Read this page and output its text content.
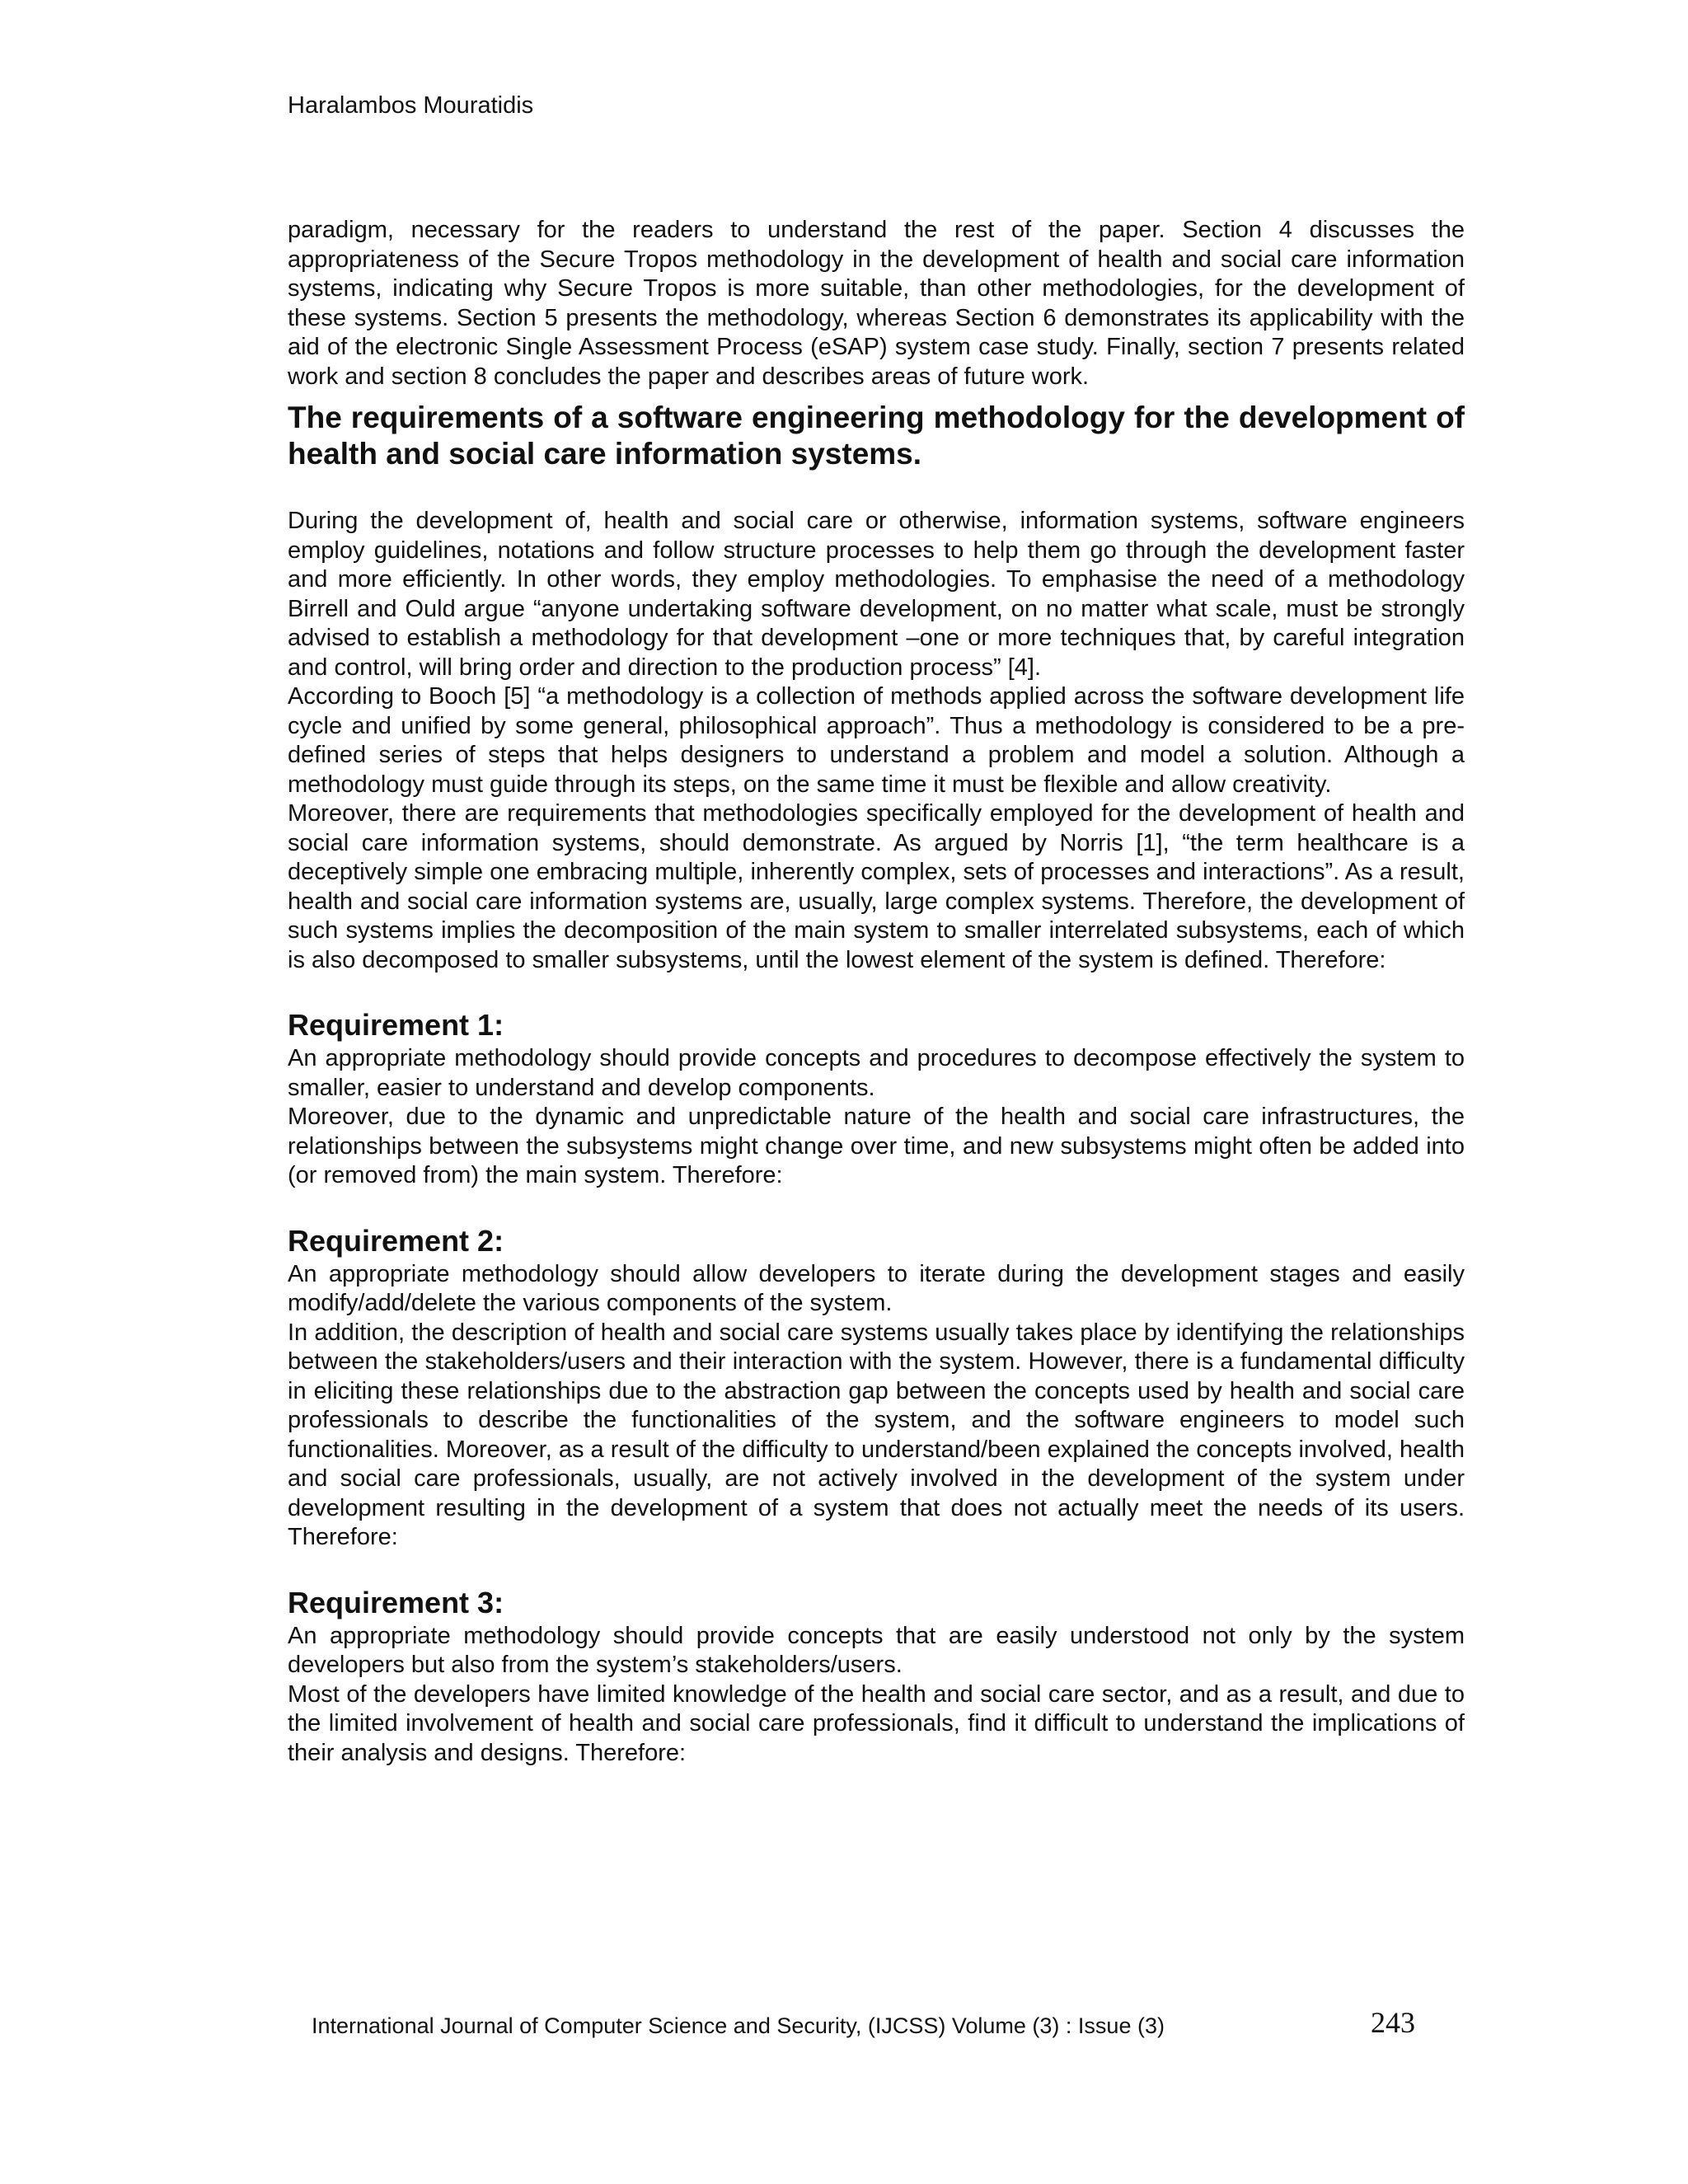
Haralambos Mouratidis

paradigm, necessary for the readers to understand the rest of the paper. Section 4 discusses the appropriateness of the Secure Tropos methodology in the development of health and social care information systems, indicating why Secure Tropos is more suitable, than other methodologies, for the development of these systems. Section 5 presents the methodology, whereas Section 6 demonstrates its applicability with the aid of the electronic Single Assessment Process (eSAP) system case study. Finally, section 7 presents related work and section 8 concludes the paper and describes areas of future work.

The requirements of a software engineering methodology for the development of health and social care information systems.

During the development of, health and social care or otherwise, information systems, software engineers employ guidelines, notations and follow structure processes to help them go through the development faster and more efficiently. In other words, they employ methodologies. To emphasise the need of a methodology Birrell and Ould argue “anyone undertaking software development, on no matter what scale, must be strongly advised to establish a methodology for that development –one or more techniques that, by careful integration and control, will bring order and direction to the production process” [4].

According to Booch [5] “a methodology is a collection of methods applied across the software development life cycle and unified by some general, philosophical approach”. Thus a methodology is considered to be a pre-defined series of steps that helps designers to understand a problem and model a solution. Although a methodology must guide through its steps, on the same time it must be flexible and allow creativity.

Moreover, there are requirements that methodologies specifically employed for the development of health and social care information systems, should demonstrate. As argued by Norris [1], “the term healthcare is a deceptively simple one embracing multiple, inherently complex, sets of processes and interactions”. As a result, health and social care information systems are, usually, large complex systems. Therefore, the development of such systems implies the decomposition of the main system to smaller interrelated subsystems, each of which is also decomposed to smaller subsystems, until the lowest element of the system is defined. Therefore:

Requirement 1:

An appropriate methodology should provide concepts and procedures to decompose effectively the system to smaller, easier to understand and develop components.

Moreover, due to the dynamic and unpredictable nature of the health and social care infrastructures, the relationships between the subsystems might change over time, and new subsystems might often be added into (or removed from) the main system. Therefore:

Requirement 2:

An appropriate methodology should allow developers to iterate during the development stages and easily modify/add/delete the various components of the system.

In addition, the description of health and social care systems usually takes place by identifying the relationships between the stakeholders/users and their interaction with the system. However, there is a fundamental difficulty in eliciting these relationships due to the abstraction gap between the concepts used by health and social care professionals to describe the functionalities of the system, and the software engineers to model such functionalities. Moreover, as a result of the difficulty to understand/been explained the concepts involved, health and social care professionals, usually, are not actively involved in the development of the system under development resulting in the development of a system that does not actually meet the needs of its users. Therefore:

Requirement 3:

An appropriate methodology should provide concepts that are easily understood not only by the system developers but also from the system’s stakeholders/users.

Most of the developers have limited knowledge of the health and social care sector, and as a result, and due to the limited involvement of health and social care professionals, find it difficult to understand the implications of their analysis and designs. Therefore:

International Journal of Computer Science and Security, (IJCSS) Volume (3) : Issue (3)	243
